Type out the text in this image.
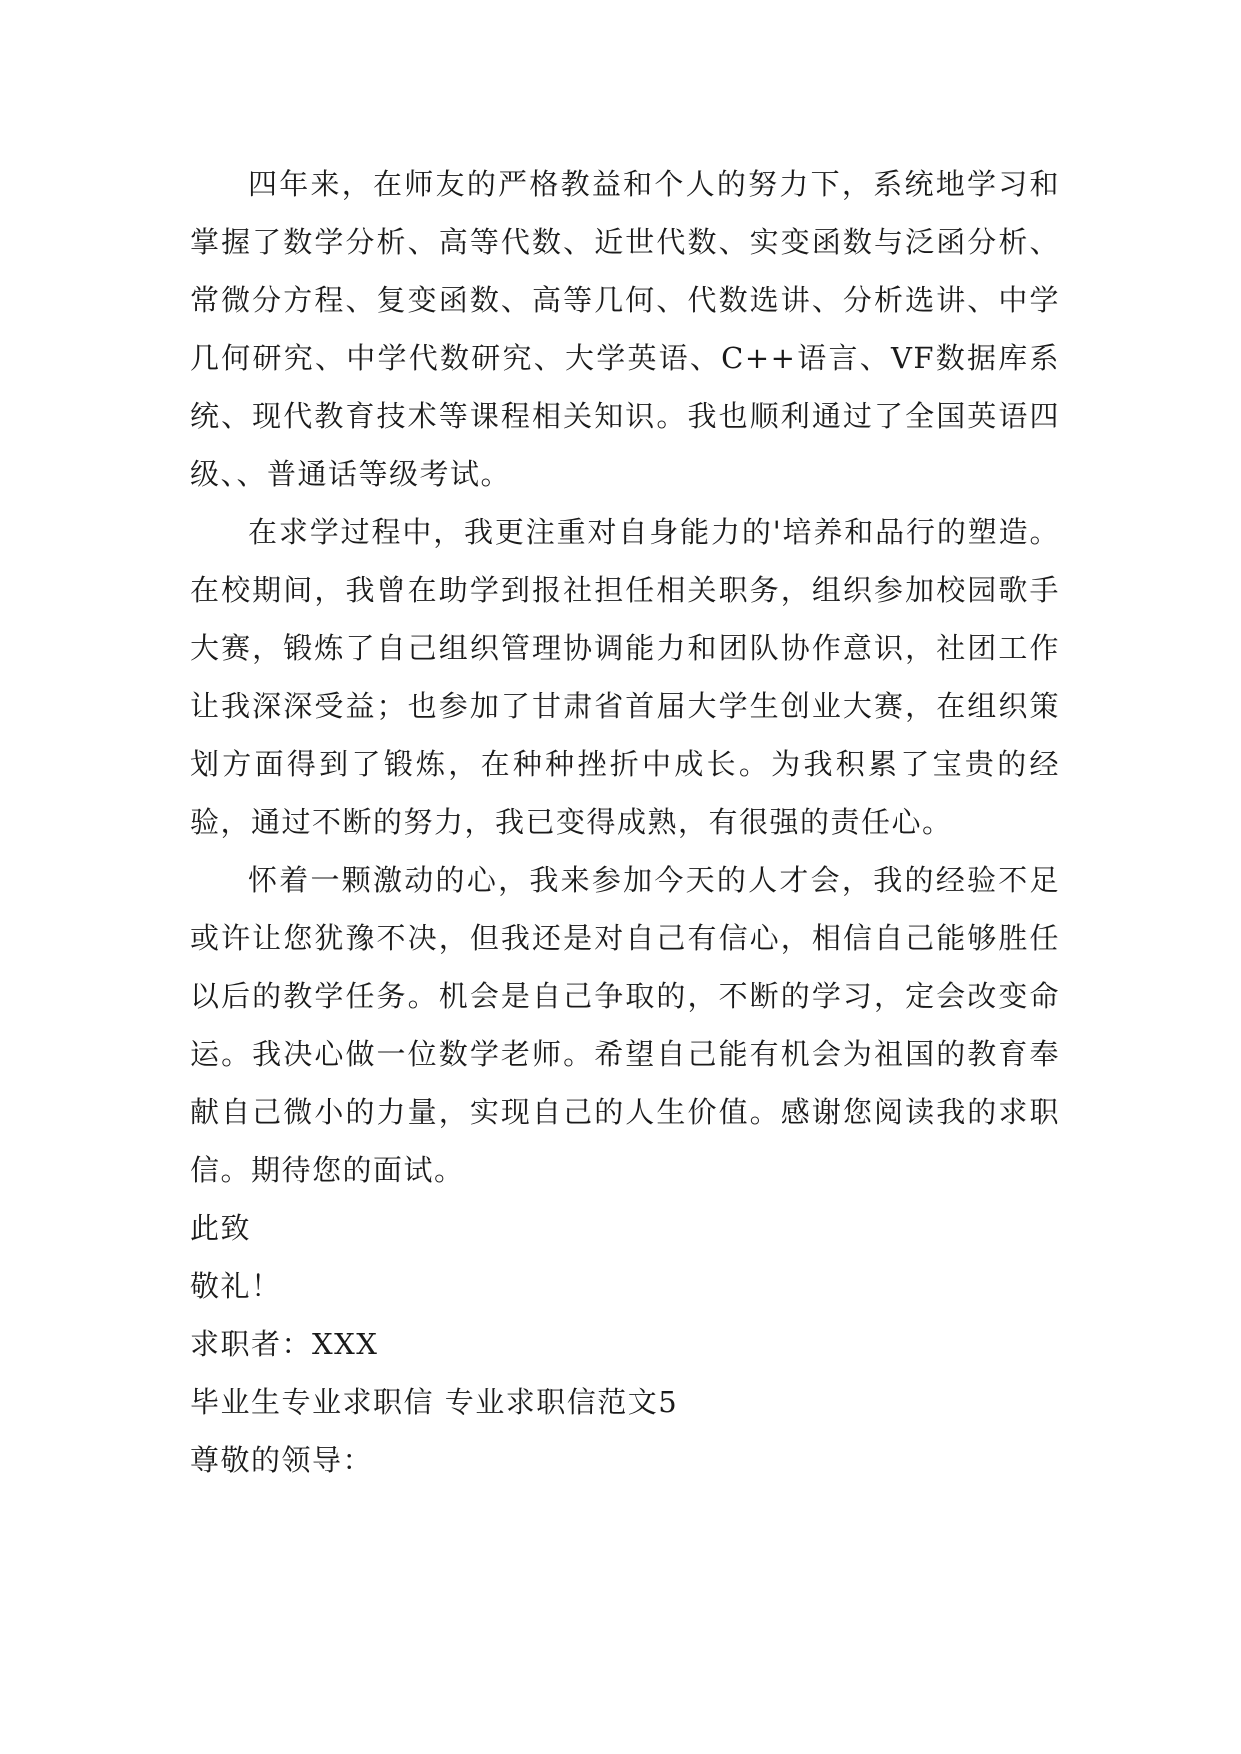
四年来，在师友的严格教益和个人的努力下，系统地学习和掌握了数学分析、高等代数、近世代数、实变函数与泛函分析、常微分方程、复变函数、高等几何、代数选讲、分析选讲、中学几何研究、中学代数研究、大学英语、C++语言、VF数据库系统、现代教育技术等课程相关知识。我也顺利通过了全国英语四级、、普通话等级考试。

在求学过程中，我更注重对自身能力的'培养和品行的塑造。在校期间，我曾在助学到报社担任相关职务，组织参加校园歌手大赛，锻炼了自己组织管理协调能力和团队协作意识，社团工作让我深深受益；也参加了甘肃省首届大学生创业大赛，在组织策划方面得到了锻炼，在种种挫折中成长。为我积累了宝贵的经验，通过不断的努力，我已变得成熟，有很强的责任心。

怀着一颗激动的心，我来参加今天的人才会，我的经验不足或许让您犹豫不决，但我还是对自己有信心，相信自己能够胜任以后的教学任务。机会是自己争取的，不断的学习，定会改变命运。我决心做一位数学老师。希望自己能有机会为祖国的教育奉献自己微小的力量，实现自己的人生价值。感谢您阅读我的求职信。期待您的面试。

此致

敬礼！

求职者：XXX

毕业生专业求职信 专业求职信范文5

尊敬的领导：
